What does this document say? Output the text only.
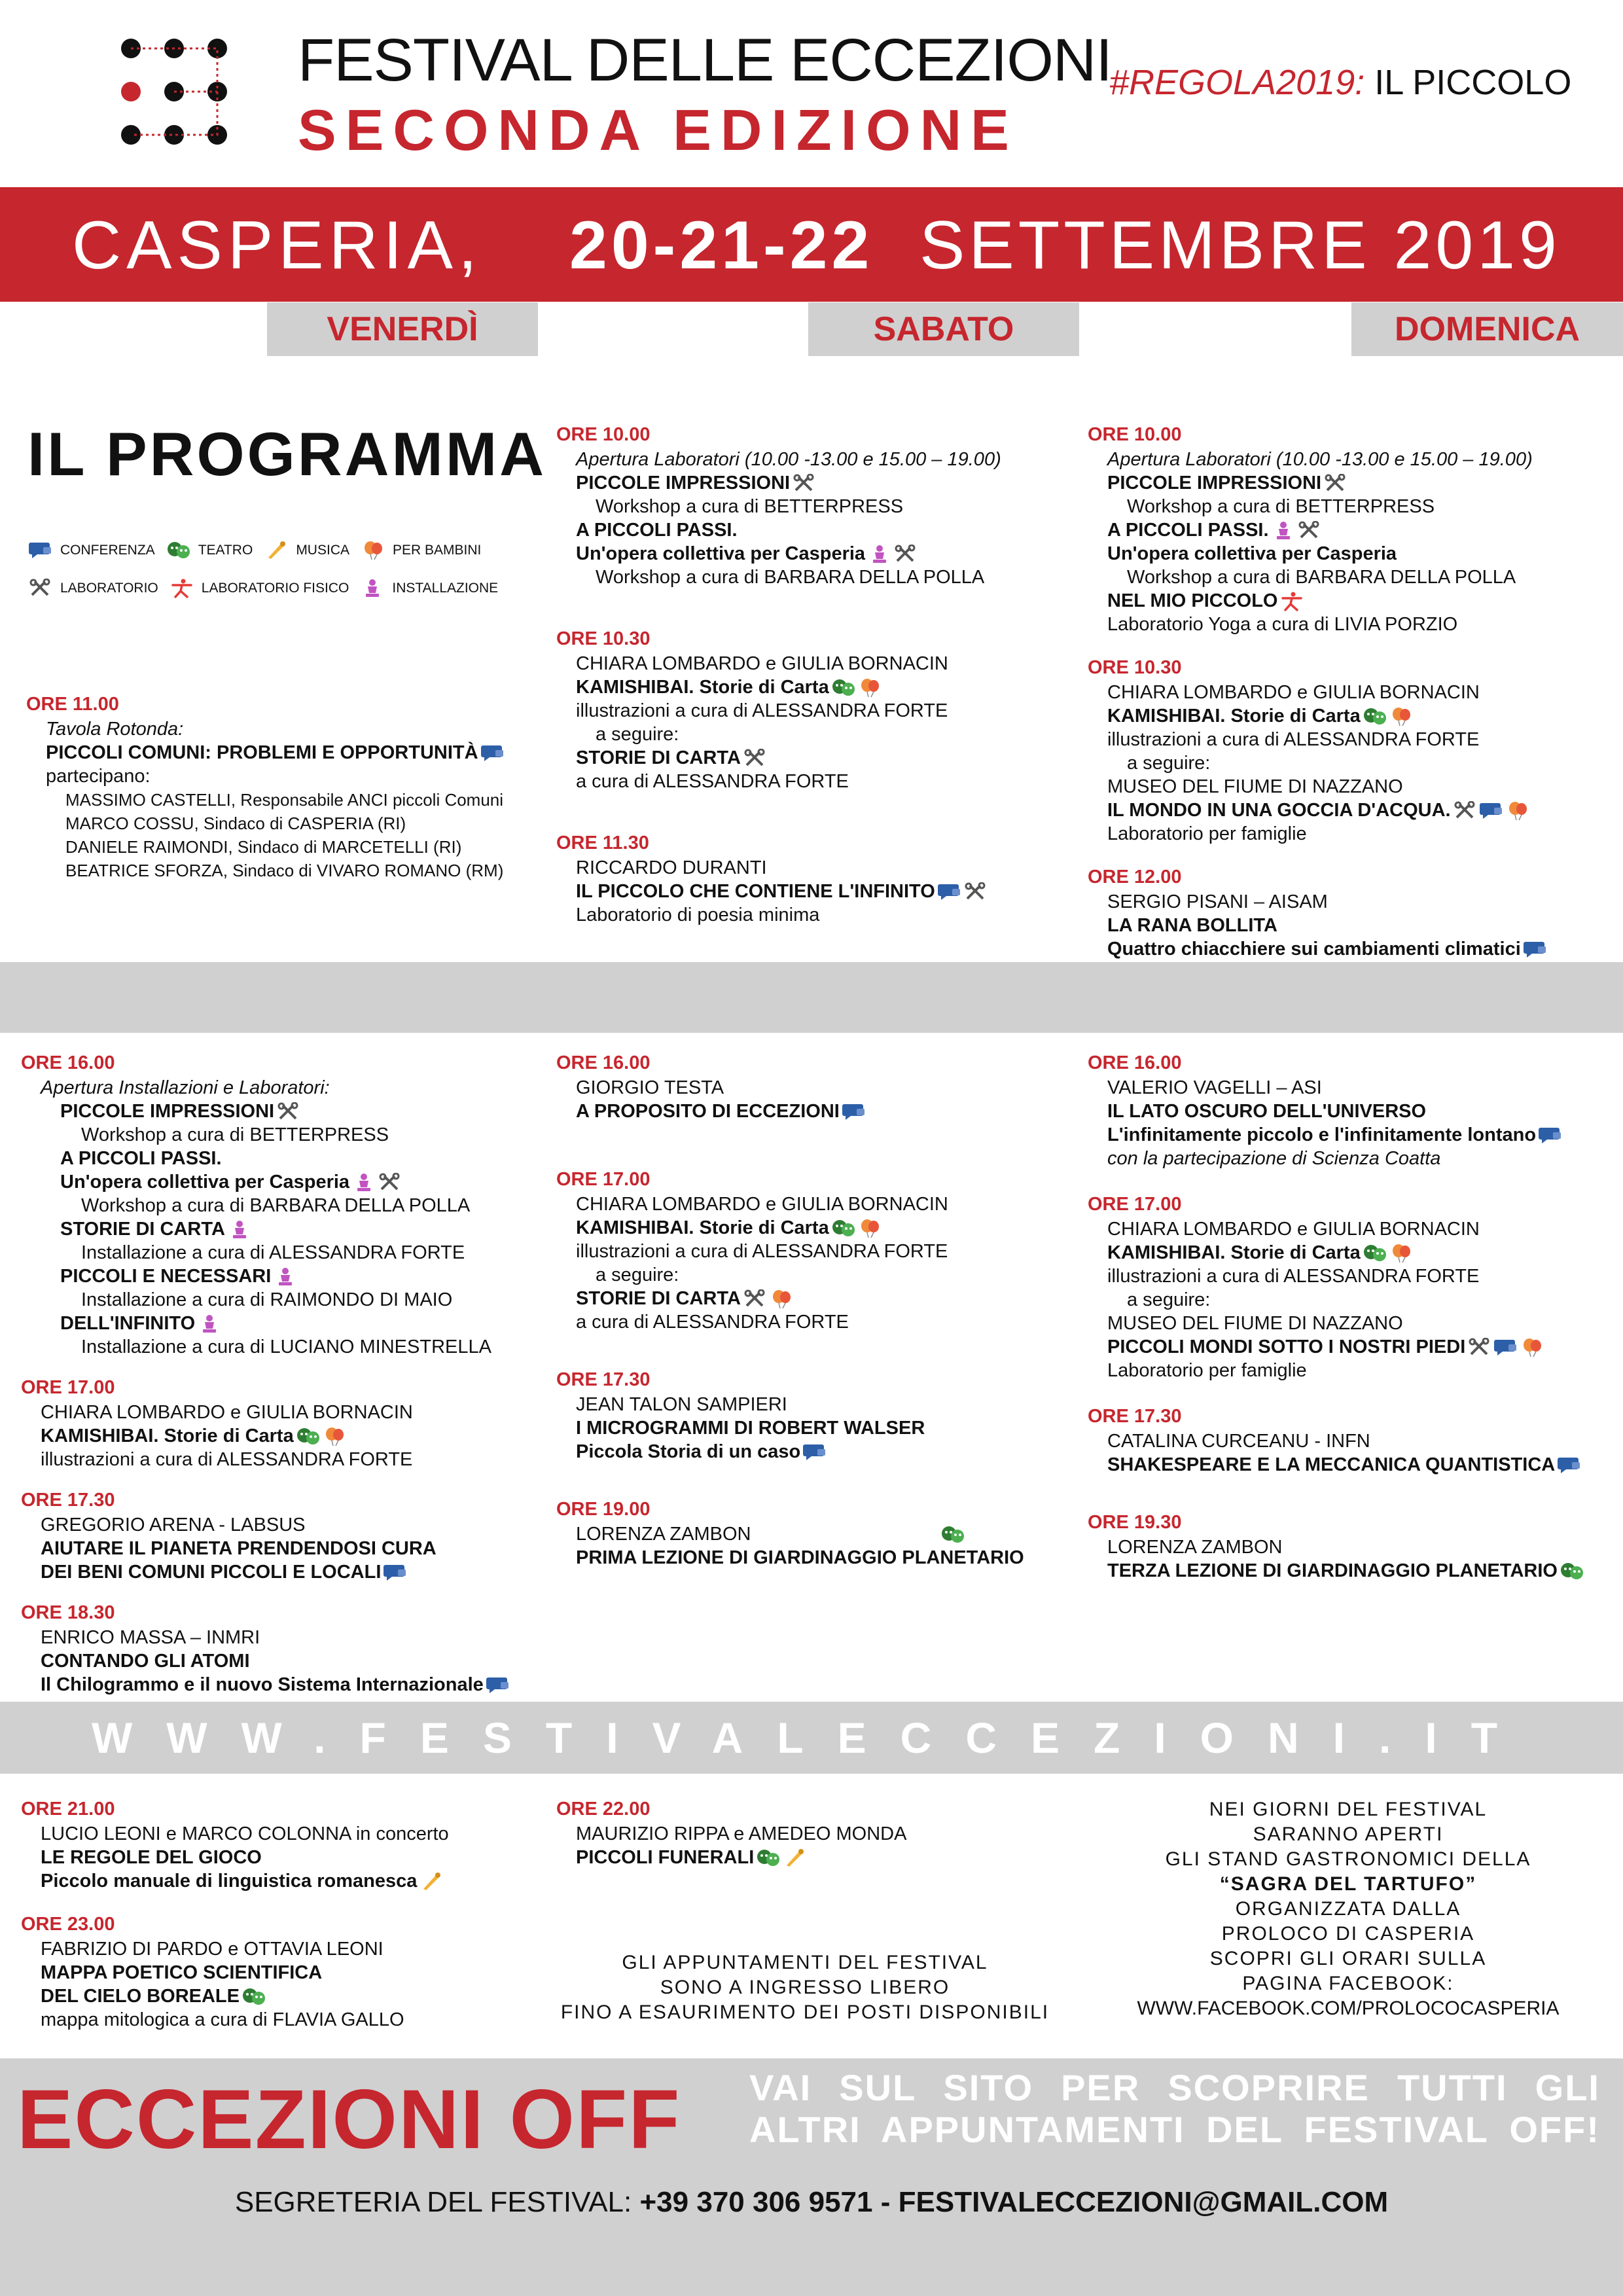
FESTIVAL DELLE ECCEZIONI
SECONDA EDIZIONE
#REGOLA2019: IL PICCOLO
CASPERIA, 20-21-22 SETTEMBRE 2019
VENERDÌ	SABATO	DOMENICA
IL PROGRAMMA
CONFERENZA	TEATRO	MUSICA	PER BAMBINI
LABORATORIO	LABORATORIO FISICO	INSTALLAZIONE
ORE 11.00
Tavola Rotonda:
PICCOLI COMUNI: PROBLEMI E OPPORTUNITÀ
partecipano:
MASSIMO CASTELLI, Responsabile ANCI piccoli Comuni
MARCO COSSU, Sindaco di CASPERIA (RI)
DANIELE RAIMONDI, Sindaco di MARCETELLI (RI)
BEATRICE SFORZA, Sindaco di VIVARO ROMANO (RM)
ORE 10.00
Apertura Laboratori (10.00 -13.00 e 15.00 – 19.00)
PICCOLE IMPRESSIONI
Workshop a cura di BETTERPRESS
A PICCOLI PASSI.
Un'opera collettiva per Casperia
Workshop a cura di BARBARA DELLA POLLA
ORE 10.30
CHIARA LOMBARDO e GIULIA BORNACIN
KAMISHIBAI. Storie di Carta
illustrazioni a cura di ALESSANDRA FORTE
a seguire:
STORIE DI CARTA
a cura di ALESSANDRA FORTE
ORE 11.30
RICCARDO DURANTI
IL PICCOLO CHE CONTIENE L'INFINITO
Laboratorio di poesia minima
ORE 10.00
Apertura Laboratori (10.00 -13.00 e 15.00 – 19.00)
PICCOLE IMPRESSIONI
Workshop a cura di BETTERPRESS
A PICCOLI PASSI.
Un'opera collettiva per Casperia
Workshop a cura di BARBARA DELLA POLLA
NEL MIO PICCOLO
Laboratorio Yoga a cura di LIVIA PORZIO
ORE 10.30
CHIARA LOMBARDO e GIULIA BORNACIN
KAMISHIBAI. Storie di Carta
illustrazioni a cura di ALESSANDRA FORTE
a seguire:
MUSEO DEL FIUME DI NAZZANO
IL MONDO IN UNA GOCCIA D'ACQUA.
Laboratorio per famiglie
ORE 12.00
SERGIO PISANI – AISAM
LA RANA BOLLITA
Quattro chiacchiere sui cambiamenti climatici
ORE 16.00
Apertura Installazioni e Laboratori:
PICCOLE IMPRESSIONI
Workshop a cura di BETTERPRESS
A PICCOLI PASSI.
Un'opera collettiva per Casperia
Workshop a cura di BARBARA DELLA POLLA
STORIE DI CARTA
Installazione a cura di ALESSANDRA FORTE
PICCOLI E NECESSARI
Installazione a cura di RAIMONDO DI MAIO
DELL'INFINITO
Installazione a cura di LUCIANO MINESTRELLA
ORE 17.00
CHIARA LOMBARDO e GIULIA BORNACIN
KAMISHIBAI. Storie di Carta
illustrazioni a cura di ALESSANDRA FORTE
ORE 17.30
GREGORIO ARENA - LABSUS
AIUTARE IL PIANETA PRENDENDOSI CURA
DEI BENI COMUNI PICCOLI E LOCALI
ORE 18.30
ENRICO MASSA – INMRI
CONTANDO GLI ATOMI
Il Chilogrammo e il nuovo Sistema Internazionale
ORE 16.00
GIORGIO TESTA
A PROPOSITO DI ECCEZIONI
ORE 17.00
CHIARA LOMBARDO e GIULIA BORNACIN
KAMISHIBAI. Storie di Carta
illustrazioni a cura di ALESSANDRA FORTE
a seguire:
STORIE DI CARTA
a cura di ALESSANDRA FORTE
ORE 17.30
JEAN TALON SAMPIERI
I MICROGRAMMI DI ROBERT WALSER
Piccola Storia di un caso
ORE 19.00
LORENZA ZAMBON
PRIMA LEZIONE DI GIARDINAGGIO PLANETARIO
ORE 16.00
VALERIO VAGELLI – ASI
IL LATO OSCURO DELL'UNIVERSO
L'infinitamente piccolo e l'infinitamente lontano
con la partecipazione di Scienza Coatta
ORE 17.00
CHIARA LOMBARDO e GIULIA BORNACIN
KAMISHIBAI. Storie di Carta
illustrazioni a cura di ALESSANDRA FORTE
a seguire:
MUSEO DEL FIUME DI NAZZANO
PICCOLI MONDI SOTTO I NOSTRI PIEDI
Laboratorio per famiglie
ORE 17.30
CATALINA CURCEANU - INFN
SHAKESPEARE E LA MECCANICA QUANTISTICA
ORE 19.30
LORENZA ZAMBON
TERZA LEZIONE DI GIARDINAGGIO PLANETARIO
WWW.FESTIVALECCEZIONI.IT
ORE 21.00
LUCIO LEONI e MARCO COLONNA in concerto
LE REGOLE DEL GIOCO
Piccolo manuale di linguistica romanesca
ORE 23.00
FABRIZIO DI PARDO e OTTAVIA LEONI
MAPPA POETICO SCIENTIFICA
DEL CIELO BOREALE
mappa mitologica a cura di FLAVIA GALLO
ORE 22.00
MAURIZIO RIPPA e AMEDEO MONDA
PICCOLI FUNERALI
GLI APPUNTAMENTI DEL FESTIVAL
SONO A INGRESSO LIBERO
FINO A ESAURIMENTO DEI POSTI DISPONIBILI
NEI GIORNI DEL FESTIVAL
SARANNO APERTI
GLI STAND GASTRONOMICI DELLA
“SAGRA DEL TARTUFO”
ORGANIZZATA DALLA
PROLOCO DI CASPERIA
SCOPRI GLI ORARI SULLA
PAGINA FACEBOOK:
WWW.FACEBOOK.COM/PROLOCOCASPERIA
ECCEZIONI OFF VAI SUL SITO PER SCOPRIRE TUTTI GLI
ALTRI APPUNTAMENTI DEL FESTIVAL OFF!
SEGRETERIA DEL FESTIVAL: +39 370 306 9571 - FESTIVALECCEZIONI@GMAIL.COM
